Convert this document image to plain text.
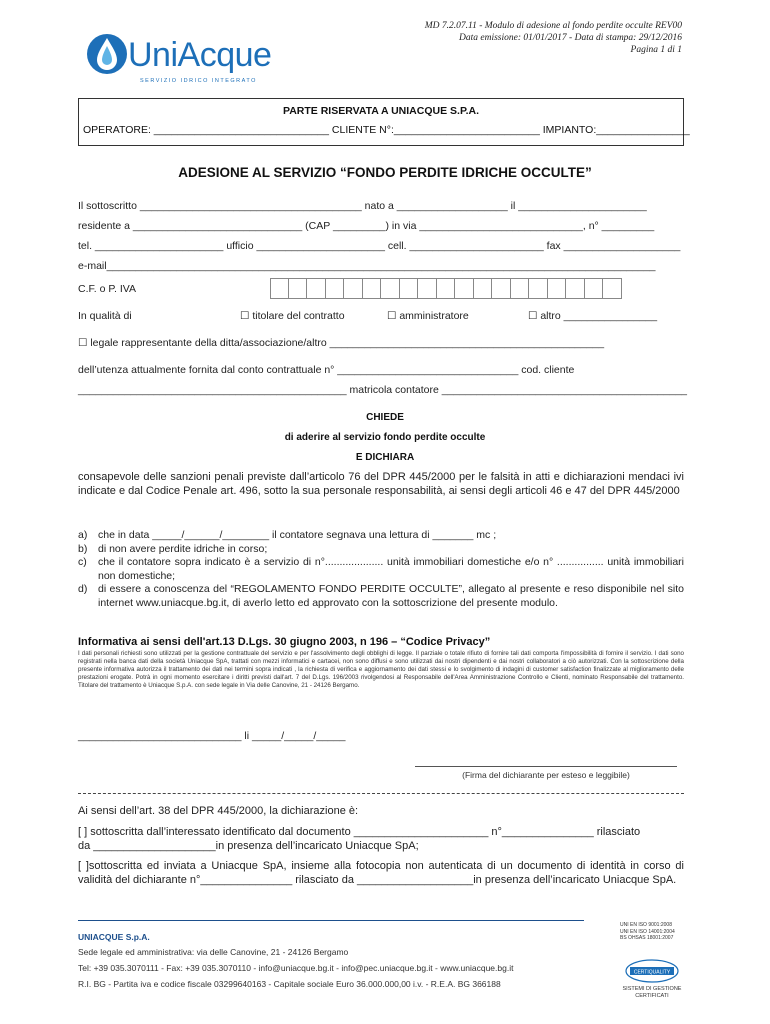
MD 7.2.07.11 - Modulo di adesione al fondo perdite occulte REV00
Data emissione: 01/01/2017 - Data di stampa: 29/12/2016
Pagina 1 di 1
UniAcque
SERVIZIO IDRICO INTEGRATO
PARTE RISERVATA A UNIACQUE S.P.A.
OPERATORE: ______________________________ CLIENTE N°:_________________________ IMPIANTO:________________
ADESIONE AL SERVIZIO “FONDO PERDITE IDRICHE OCCULTE”
Il sottoscritto ______________________________________ nato a ___________________ il ______________________
residente a _____________________________ (CAP _________) in via ____________________________, n° _________
tel. ______________________ ufficio ______________________ cell. _______________________ fax ____________________
e-mail______________________________________________________________________________________________
C.F. o P. IVA
In qualità di	☐ titolare del contratto	☐ amministratore	☐ altro ________________
☐ legale rappresentante della ditta/associazione/altro _______________________________________________
dell’utenza attualmente fornita dal conto contrattuale n° _______________________________ cod. cliente
______________________________________________ matricola contatore __________________________________________
CHIEDE
di aderire al servizio fondo perdite occulte
E DICHIARA
consapevole delle sanzioni penali previste dall’articolo 76 del DPR 445/2000 per le falsità in atti e dichiarazioni mendaci ivi indicate e dal Codice Penale art. 496, sotto la sua personale responsabilità, ai sensi degli articoli 46 e 47 del DPR 445/2000
a)	che in data _____/______/________ il contatore segnava una lettura di _______ mc ;
b)	di non avere perdite idriche in corso;
c)	che il contatore sopra indicato è a servizio di n°.................... unità immobiliari domestiche e/o n° ................ unità immobiliari non domestiche;
d)	di essere a conoscenza del “REGOLAMENTO FONDO PERDITE OCCULTE”, allegato al presente e reso disponibile nel sito internet www.uniacque.bg.it, di averlo letto ed approvato con la sottoscrizione del presente modulo.
Informativa ai sensi dell'art.13 D.Lgs. 30 giugno 2003, n 196 – “Codice Privacy”
I dati personali richiesti sono utilizzati per la gestione contrattuale del servizio e per l'assolvimento degli obblighi di legge. Il parziale o totale rifiuto di fornire tali dati comporta l'impossibilità di fornire il servizio. I dati sono registrati nella banca dati della società Uniacque SpA, trattati con mezzi informatici e cartacei, non sono diffusi e sono utilizzati dai nostri dipendenti e dai nostri collaboratori a ciò autorizzati. Con la sottoscrizione della presente informativa autorizza il trattamento dei dati nei termini sopra indicati , la richiesta di verifica e aggiornamento dei dati stessi e lo svolgimento di indagini di customer satisfaction finalizzate al miglioramento delle prestazioni erogate. Potrà in ogni momento esercitare i diritti previsti dall'art. 7 del D.Lgs. 196/2003 rivolgendosi al Responsabile dell'Area Amministrazione Controllo e Clienti, nominato Responsabile del trattamento. Titolare del trattamento è Uniacque S.p.A. con sede legale in Via delle Canovine, 21 - 24126 Bergamo.
____________________________ li _____/_____/_____
(Firma del dichiarante per esteso e leggibile)
Ai sensi dell’art. 38 del DPR 445/2000, la dichiarazione è:
[ ] sottoscritta dall’interessato identificato dal documento ______________________ n°_______________ rilasciato
da ____________________in presenza dell’incaricato Uniacque SpA;
[ ]sottoscritta ed inviata a Uniacque SpA, insieme alla fotocopia non autenticata di un documento di identità in corso di validità del dichiarante n°_______________ rilasciato da ___________________in presenza dell’incaricato Uniacque SpA.
UNIACQUE S.p.A.
Sede legale ed amministrativa: via delle Canovine, 21 - 24126 Bergamo
Tel: +39 035.3070111 - Fax: +39 035.3070110 - info@uniacque.bg.it - info@pec.uniacque.bg.it - www.uniacque.bg.it
R.I. BG - Partita iva e codice fiscale 03299640163 - Capitale sociale Euro 36.000.000,00 i.v. - R.E.A. BG 366188
UNI EN ISO 9001:2008
UNI EN ISO 14001:2004
BS OHSAS 18001:2007
CERTIQUALITY
SISTEMI DI GESTIONE
CERTIFICATI
